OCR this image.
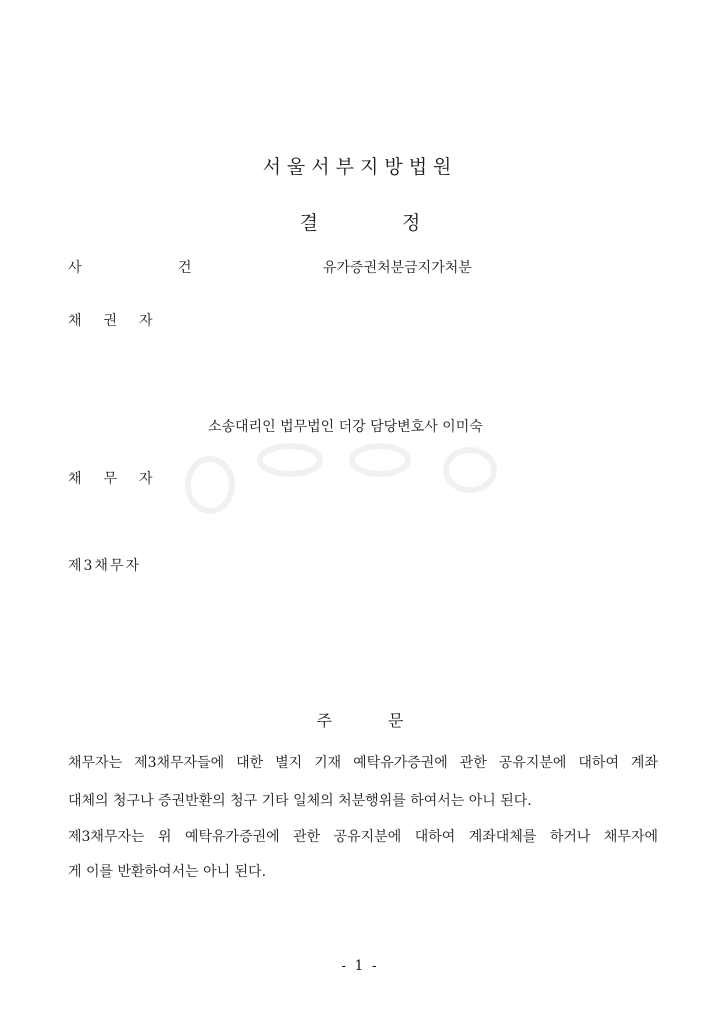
서울서부지방법원
결	정
사 건	유가증권처분금지가처분
채권자
소송대리인 법무법인 더강 담당변호사 이미숙
채무자
제3채무자
주	문
채무자는 제3채무자들에 대한 별지 기재 예탁유가증권에 관한 공유지분에 대하여 계좌
대체의 청구나 증권반환의 청구 기타 일체의 처분행위를 하여서는 아니 된다.
제3채무자는 위 예탁유가증권에 관한 공유지분에 대하여 계좌대체를 하거나 채무자에
게 이를 반환하여서는 아니 된다.
- 1 -
